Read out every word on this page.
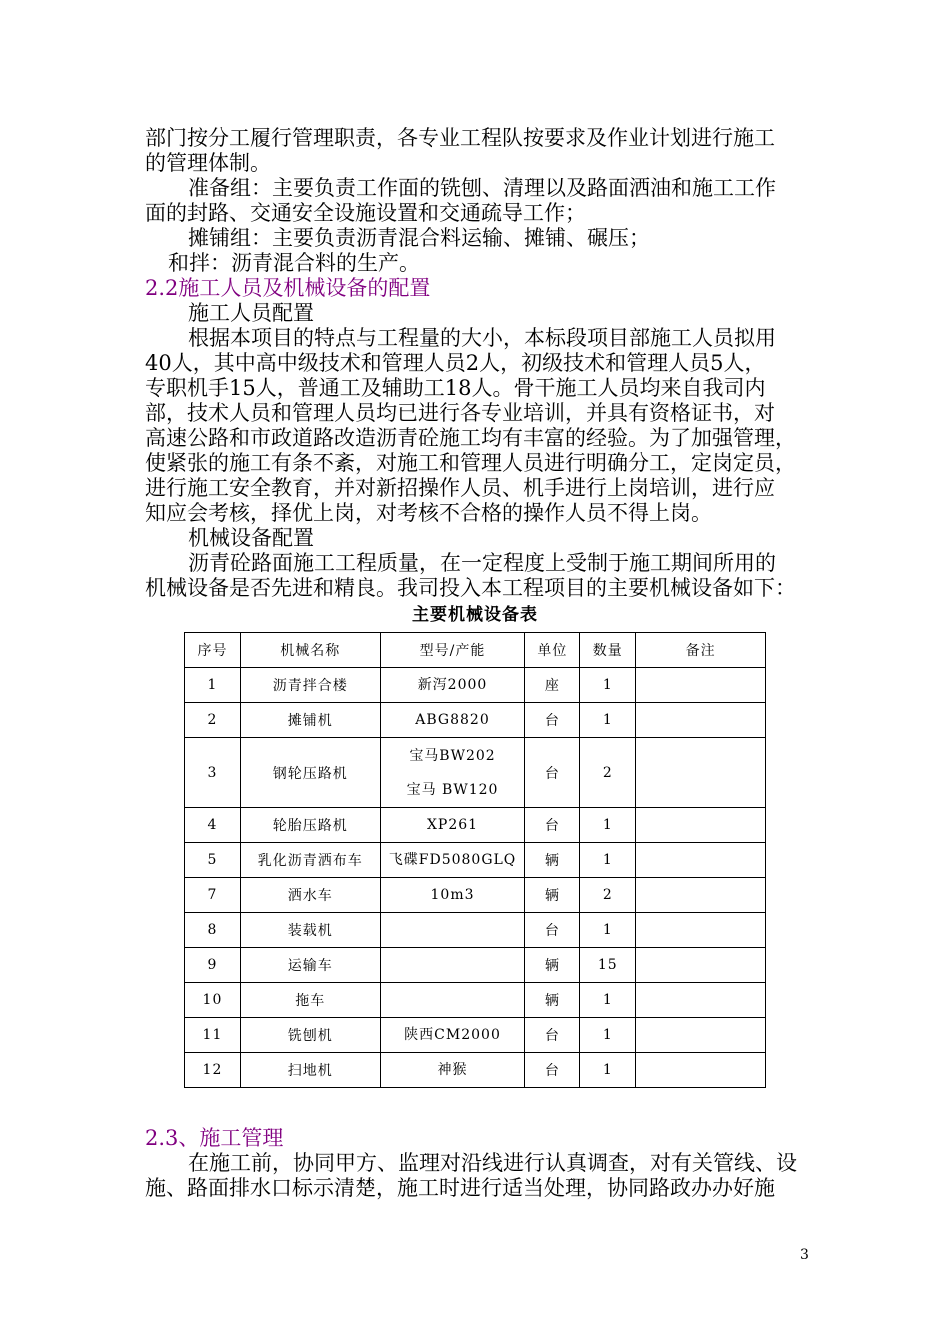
部门按分工履行管理职责，各专业工程队按要求及作业计划进行施工
的管理体制。
准备组：主要负责工作面的铣刨、清理以及路面洒油和施工工作
面的封路、交通安全设施设置和交通疏导工作；
摊铺组：主要负责沥青混合料运输、摊铺、碾压；
和拌：沥青混合料的生产。
2.2施工人员及机械设备的配置
施工人员配置
根据本项目的特点与工程量的大小，本标段项目部施工人员拟用
40人，其中高中级技术和管理人员2人，初级技术和管理人员5人，
专职机手15人，普通工及辅助工18人。骨干施工人员均来自我司内
部，技术人员和管理人员均已进行各专业培训，并具有资格证书，对
高速公路和市政道路改造沥青砼施工均有丰富的经验。为了加强管理，
使紧张的施工有条不紊，对施工和管理人员进行明确分工，定岗定员，
进行施工安全教育，并对新招操作人员、机手进行上岗培训，进行应
知应会考核，择优上岗，对考核不合格的操作人员不得上岗。
机械设备配置
沥青砼路面施工工程质量，在一定程度上受制于施工期间所用的
机械设备是否先进和精良。我司投入本工程项目的主要机械设备如下：
主要机械设备表
序号	机械名称	型号/产能	单位	数量	备注
1	沥青拌合楼	新泻2000	座	1	
2	摊铺机	ABG8820	台	1	
3	钢轮压路机	宝马BW202
宝马 BW120	台	2	
4	轮胎压路机	XP261	台	1	
5	乳化沥青洒布车	飞碟FD5080GLQ	辆	1	
7	洒水车	10m3	辆	2	
8	装载机		台	1	
9	运输车		辆	15	
10	拖车		辆	1	
11	铣刨机	陕西CM2000	台	1	
12	扫地机	神猴	台	1	
2.3、施工管理
在施工前，协同甲方、监理对沿线进行认真调查，对有关管线、设
施、路面排水口标示清楚，施工时进行适当处理，协同路政办办好施
3
